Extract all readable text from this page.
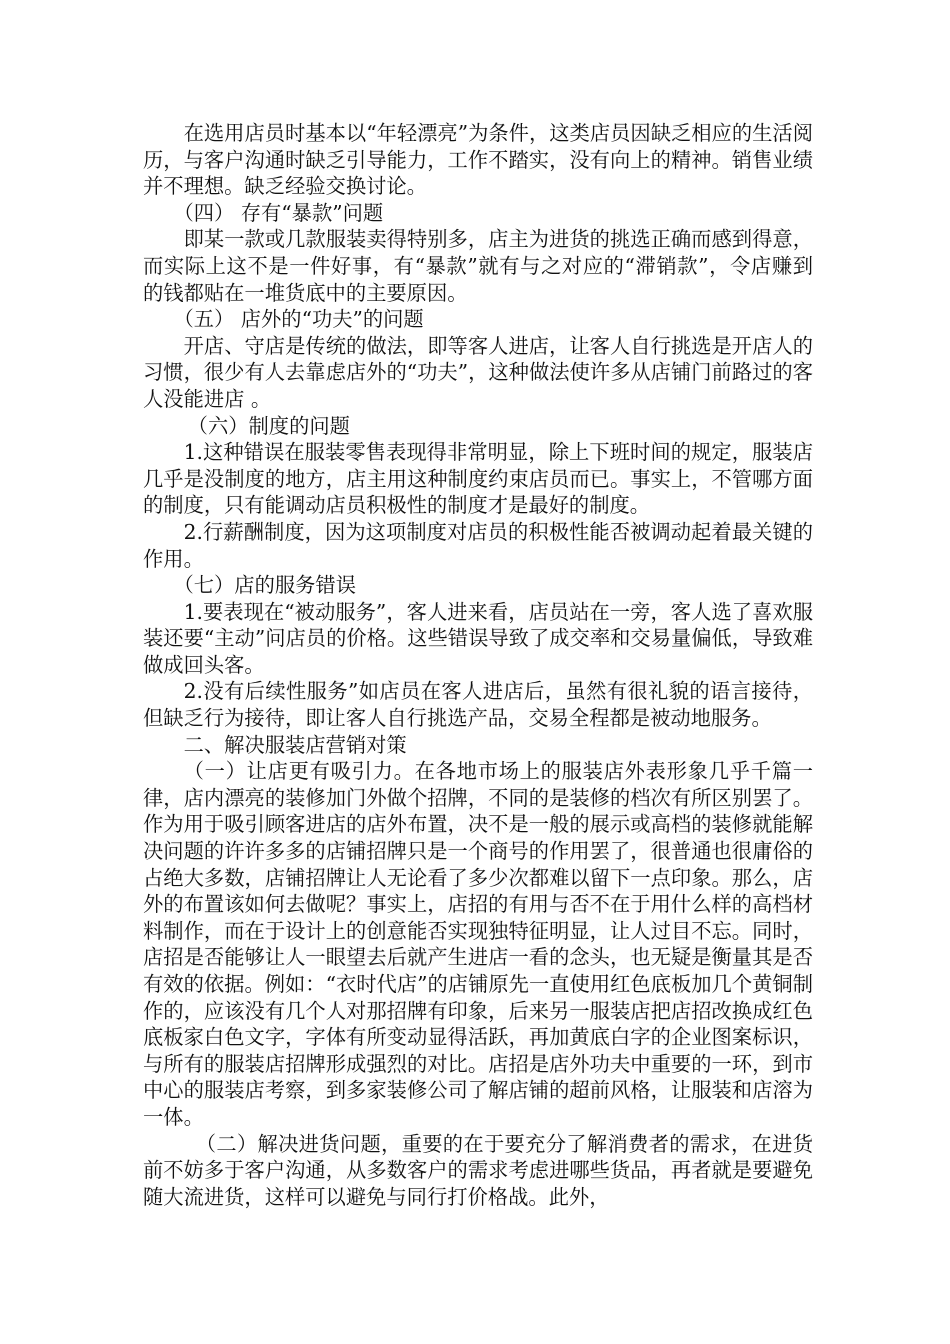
在选用店员时基本以“年轻漂亮”为条件，这类店员因缺乏相应的生活阅历，与客户沟通时缺乏引导能力，工作不踏实，没有向上的精神。销售业绩并不理想。缺乏经验交换讨论。

（四） 存有“暴款”问题

即某一款或几款服装卖得特别多，店主为进货的挑选正确而感到得意，而实际上这不是一件好事，有“暴款”就有与之对应的“滞销款”，令店赚到的钱都贴在一堆货底中的主要原因。

（五） 店外的“功夫”的问题

开店、守店是传统的做法，即等客人进店，让客人自行挑选是开店人的习惯，很少有人去靠虑店外的“功夫”，这种做法使许多从店铺门前路过的客人没能进店 。

（六）制度的问题

1.这种错误在服装零售表现得非常明显，除上下班时间的规定，服装店几乎是没制度的地方，店主用这种制度约束店员而已。事实上，不管哪方面的制度，只有能调动店员积极性的制度才是最好的制度。

2.行薪酬制度，因为这项制度对店员的积极性能否被调动起着最关键的作用。

（七）店的服务错误

1.要表现在“被动服务”，客人进来看，店员站在一旁，客人选了喜欢服装还要“主动”问店员的价格。这些错误导致了成交率和交易量偏低，导致难做成回头客。

2.没有后续性服务”如店员在客人进店后，虽然有很礼貌的语言接待，但缺乏行为接待，即让客人自行挑选产品，交易全程都是被动地服务。

二、解决服装店营销对策

（一）让店更有吸引力。在各地市场上的服装店外表形象几乎千篇一律，店内漂亮的装修加门外做个招牌，不同的是装修的档次有所区别罢了。作为用于吸引顾客进店的店外布置，决不是一般的展示或高档的装修就能解决问题的许许多多的店铺招牌只是一个商号的作用罢了，很普通也很庸俗的占绝大多数，店铺招牌让人无论看了多少次都难以留下一点印象。那么，店外的布置该如何去做呢？事实上，店招的有用与否不在于用什么样的高档材料制作，而在于设计上的创意能否实现独特征明显，让人过目不忘。同时，店招是否能够让人一眼望去后就产生进店一看的念头，也无疑是衡量其是否有效的依据。例如：“衣时代店”的店铺原先一直使用红色底板加几个黄铜制作的，应该没有几个人对那招牌有印象，后来另一服装店把店招改换成红色底板家白色文字，字体有所变动显得活跃，再加黄底白字的企业图案标识，与所有的服装店招牌形成强烈的对比。店招是店外功夫中重要的一环，到市中心的服装店考察，到多家装修公司了解店铺的超前风格，让服装和店溶为一体。

（二）解决进货问题，重要的在于要充分了解消费者的需求，在进货前不妨多于客户沟通，从多数客户的需求考虑进哪些货品，再者就是要避免随大流进货，这样可以避免与同行打价格战。此外，
